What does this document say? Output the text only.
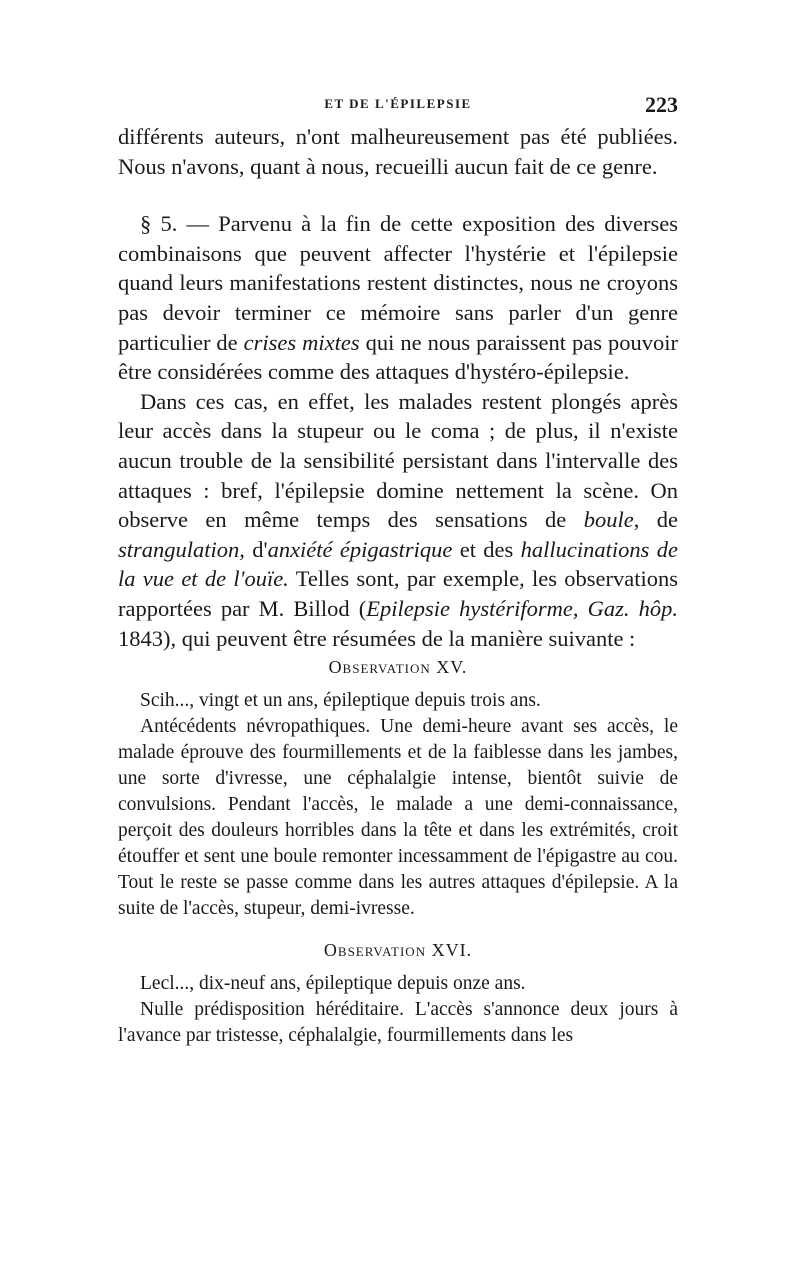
ET DE L'ÉPILEPSIE	223

différents auteurs, n'ont malheureusement pas été publiées. Nous n'avons, quant à nous, recueilli aucun fait de ce genre.

§ 5. — Parvenu à la fin de cette exposition des diverses combinaisons que peuvent affecter l'hystérie et l'épilepsie quand leurs manifestations restent distinctes, nous ne croyons pas devoir terminer ce mémoire sans parler d'un genre particulier de crises mixtes qui ne nous paraissent pas pouvoir être considérées comme des attaques d'hystéro-épilepsie.

Dans ces cas, en effet, les malades restent plongés après leur accès dans la stupeur ou le coma ; de plus, il n'existe aucun trouble de la sensibilité persistant dans l'intervalle des attaques : bref, l'épilepsie domine nettement la scène. On observe en même temps des sensations de boule, de strangulation, d'anxiété épigastrique et des hallucinations de la vue et de l'ouïe. Telles sont, par exemple, les observations rapportées par M. Billod (Epilepsie hystériforme, Gaz. hôp. 1843), qui peuvent être résumées de la manière suivante :

Observation XV.

Scih..., vingt et un ans, épileptique depuis trois ans.

Antécédents névropathiques. Une demi-heure avant ses accès, le malade éprouve des fourmillements et de la faiblesse dans les jambes, une sorte d'ivresse, une céphalalgie intense, bientôt suivie de convulsions. Pendant l'accès, le malade a une demi-connaissance, perçoit des douleurs horribles dans la tête et dans les extrémités, croit étouffer et sent une boule remonter incessamment de l'épigastre au cou. Tout le reste se passe comme dans les autres attaques d'épilepsie. A la suite de l'accès, stupeur, demi-ivresse.

Observation XVI.

Lecl..., dix-neuf ans, épileptique depuis onze ans.

Nulle prédisposition héréditaire. L'accès s'annonce deux jours à l'avance par tristesse, céphalalgie, fourmillements dans les
